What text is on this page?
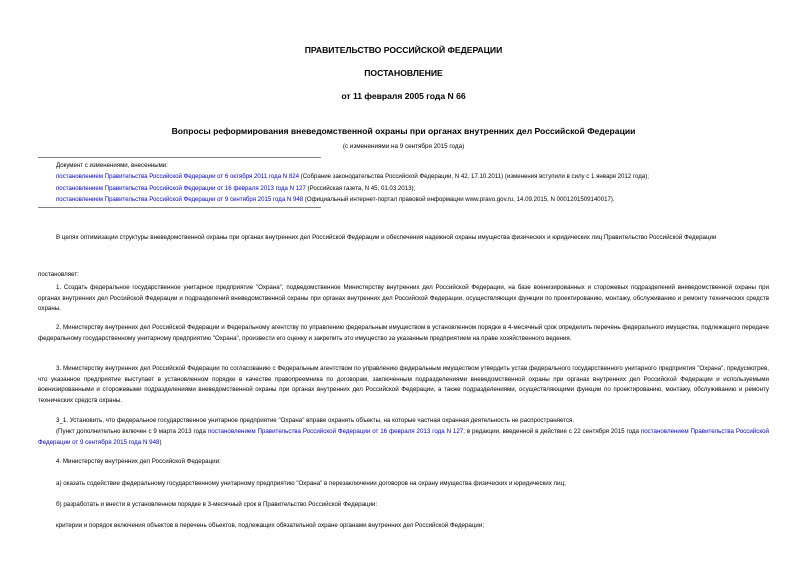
ПРАВИТЕЛЬСТВО РОССИЙСКОЙ ФЕДЕРАЦИИ
ПОСТАНОВЛЕНИЕ
от 11 февраля 2005 года N 66
Вопросы реформирования вневедомственной охраны при органах внутренних дел Российской Федерации
(с изменениями на 9 сентября 2015 года)
Документ с изменениями, внесенными:
постановлением Правительства Российской Федерации от 6 октября 2011 года N 824 (Собрание законодательства Российской Федерации, N 42, 17.10.2011) (изменения вступили в силу с 1 января 2012 года);
постановлением Правительства Российской Федерации от 16 февраля 2013 года N 127 (Российская газета, N 45, 01.03.2013);
постановлением Правительства Российской Федерации от 9 сентября 2015 года N 948 (Официальный интернет-портал правовой информации www.pravo.gov.ru, 14.09.2015, N 0001201509140017).

В целях оптимизации структуры вневедомственной охраны при органах внутренних дел Российской Федерации и обеспечения надежной охраны имущества физических и юридических лиц Правительство Российской Федерации

постановляет:

1. Создать федеральное государственное унитарное предприятие "Охрана", подведомственное Министерству внутренних дел Российской Федерации, на базе военизированных и сторожевых подразделений вневедомственной охраны при органах внутренних дел Российской Федерации и подразделений вневедомственной охраны при органах внутренних дел Российской Федерации, осуществляющих функции по проектированию, монтажу, обслуживанию и ремонту технических средств охраны.

2. Министерству внутренних дел Российской Федерации и Федеральному агентству по управлению федеральным имуществом в установленном порядке в 4-месячный срок определить перечень федерального имущества, подлежащего передаче федеральному государственному унитарному предприятию "Охрана", произвести его оценку и закрепить это имущество за указанным предприятием на праве хозяйственного ведения.

3. Министерству внутренних дел Российской Федерации по согласованию с Федеральным агентством по управлению федеральным имуществом утвердить устав федерального государственного унитарного предприятия "Охрана", предусмотрев, что указанное предприятие выступает в установленном порядке в качестве правопреемника по договорам, заключенным подразделениями вневедомственной охраны при органах внутренних дел Российской Федерации и используемыми военизированными и сторожевыми подразделениями вневедомственной охраны при органах внутренних дел Российской Федерации, а также подразделениями, осуществляющими функции по проектированию, монтажу, обслуживанию и ремонту технических средств охраны.

3_1. Установить, что федеральное государственное унитарное предприятие "Охрана" вправе охранять объекты, на которые частная охранная деятельность не распространяется.

(Пункт дополнительно включен с 9 марта 2013 года постановлением Правительства Российской Федерации от 16 февраля 2013 года N 127; в редакции, введенной в действие с 22 сентября 2015 года постановлением Правительства Российской Федерации от 9 сентября 2015 года N 948)

4. Министерству внутренних дел Российской Федерации:

а) оказать содействие федеральному государственному унитарному предприятию "Охрана" в перезаключении договоров на охрану имущества физических и юридических лиц;

б) разработать и внести в установленном порядке в 3-месячный срок в Правительство Российской Федерации:

критерии и порядок включения объектов в перечень объектов, подлежащих обязательной охране органами внутренних дел Российской Федерации;
